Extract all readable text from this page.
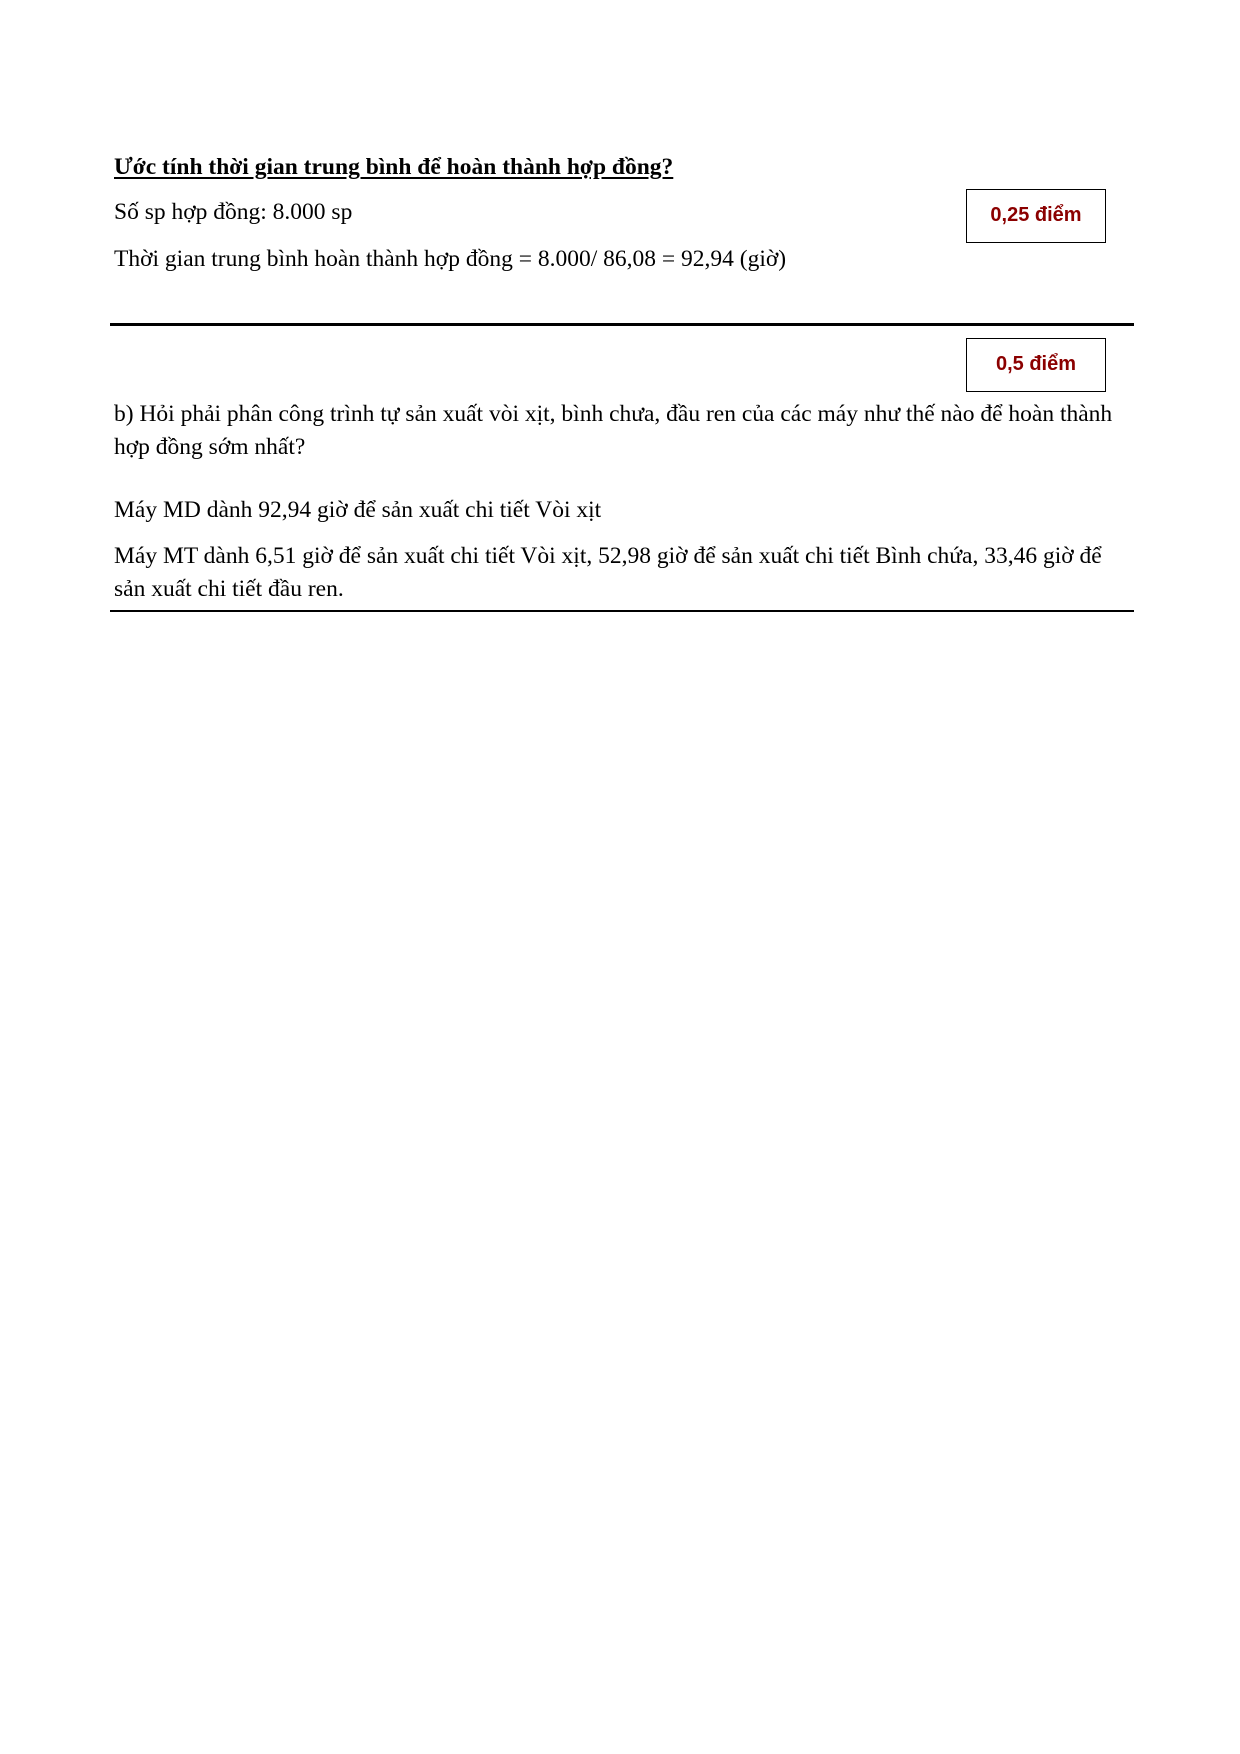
Ước tính thời gian trung bình để hoàn thành hợp đồng?
Số sp hợp đồng: 8.000 sp
Thời gian trung bình hoàn thành hợp đồng = 8.000/ 86,08 = 92,94 (giờ)
0,25 điểm
0,5 điểm
b) Hỏi phải phân công trình tự sản xuất vòi xịt, bình chưa, đầu ren của các máy như thế nào để hoàn thành hợp đồng sớm nhất?
Máy MD dành 92,94 giờ để sản xuất chi tiết Vòi xịt
Máy MT dành 6,51 giờ để sản xuất chi tiết Vòi xịt, 52,98 giờ để sản xuất chi tiết Bình chứa, 33,46 giờ để sản xuất chi tiết đầu ren.
